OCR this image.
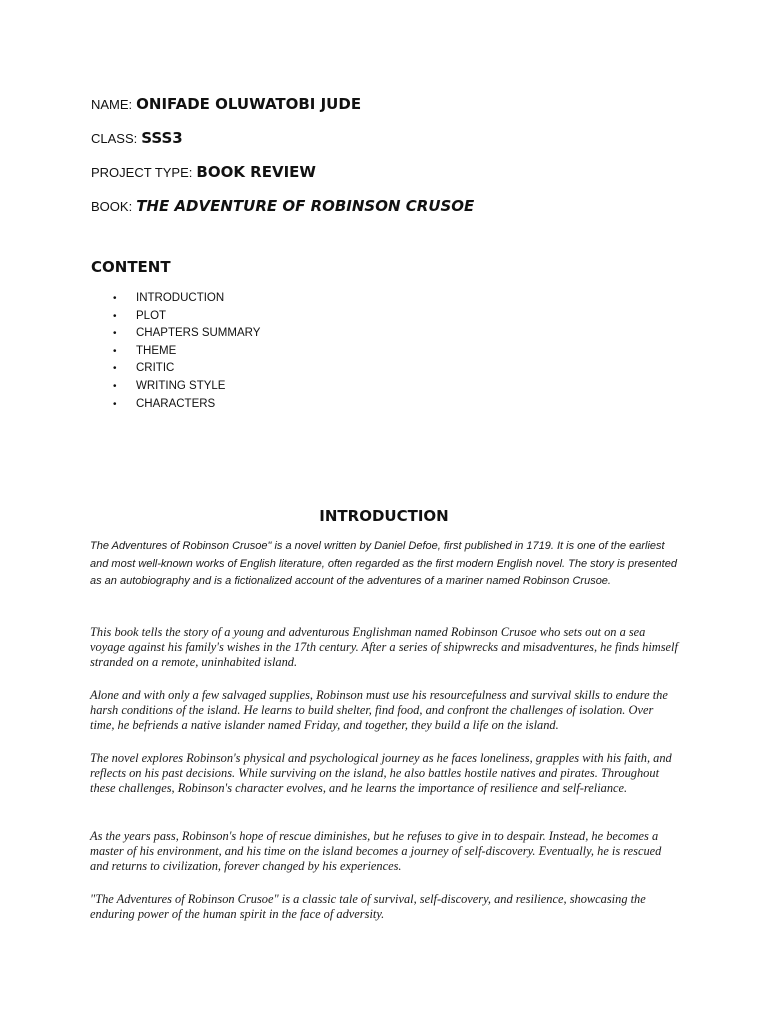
NAME: ONIFADE OLUWATOBI JUDE
CLASS: SSS3
PROJECT TYPE: BOOK REVIEW
BOOK: THE ADVENTURE OF ROBINSON CRUSOE
CONTENT
• INTRODUCTION
• PLOT
• CHAPTERS SUMMARY
• THEME
• CRITIC
• WRITING STYLE
• CHARACTERS
INTRODUCTION

The Adventures of Robinson Crusoe" is a novel written by Daniel Defoe, first published in 1719. It is one of the earliest and most well-known works of English literature, often regarded as the first modern English novel. The story is presented as an autobiography and is a fictionalized account of the adventures of a mariner named Robinson Crusoe.

This book tells the story of a young and adventurous Englishman named Robinson Crusoe who sets out on a sea voyage against his family's wishes in the 17th century. After a series of shipwrecks and misadventures, he finds himself stranded on a remote, uninhabited island.

Alone and with only a few salvaged supplies, Robinson must use his resourcefulness and survival skills to endure the harsh conditions of the island. He learns to build shelter, find food, and confront the challenges of isolation. Over time, he befriends a native islander named Friday, and together, they build a life on the island.

The novel explores Robinson's physical and psychological journey as he faces loneliness, grapples with his faith, and reflects on his past decisions. While surviving on the island, he also battles hostile natives and pirates. Throughout these challenges, Robinson's character evolves, and he learns the importance of resilience and self-reliance.

As the years pass, Robinson's hope of rescue diminishes, but he refuses to give in to despair. Instead, he becomes a master of his environment, and his time on the island becomes a journey of self-discovery. Eventually, he is rescued and returns to civilization, forever changed by his experiences.

"The Adventures of Robinson Crusoe" is a classic tale of survival, self-discovery, and resilience, showcasing the enduring power of the human spirit in the face of adversity.
